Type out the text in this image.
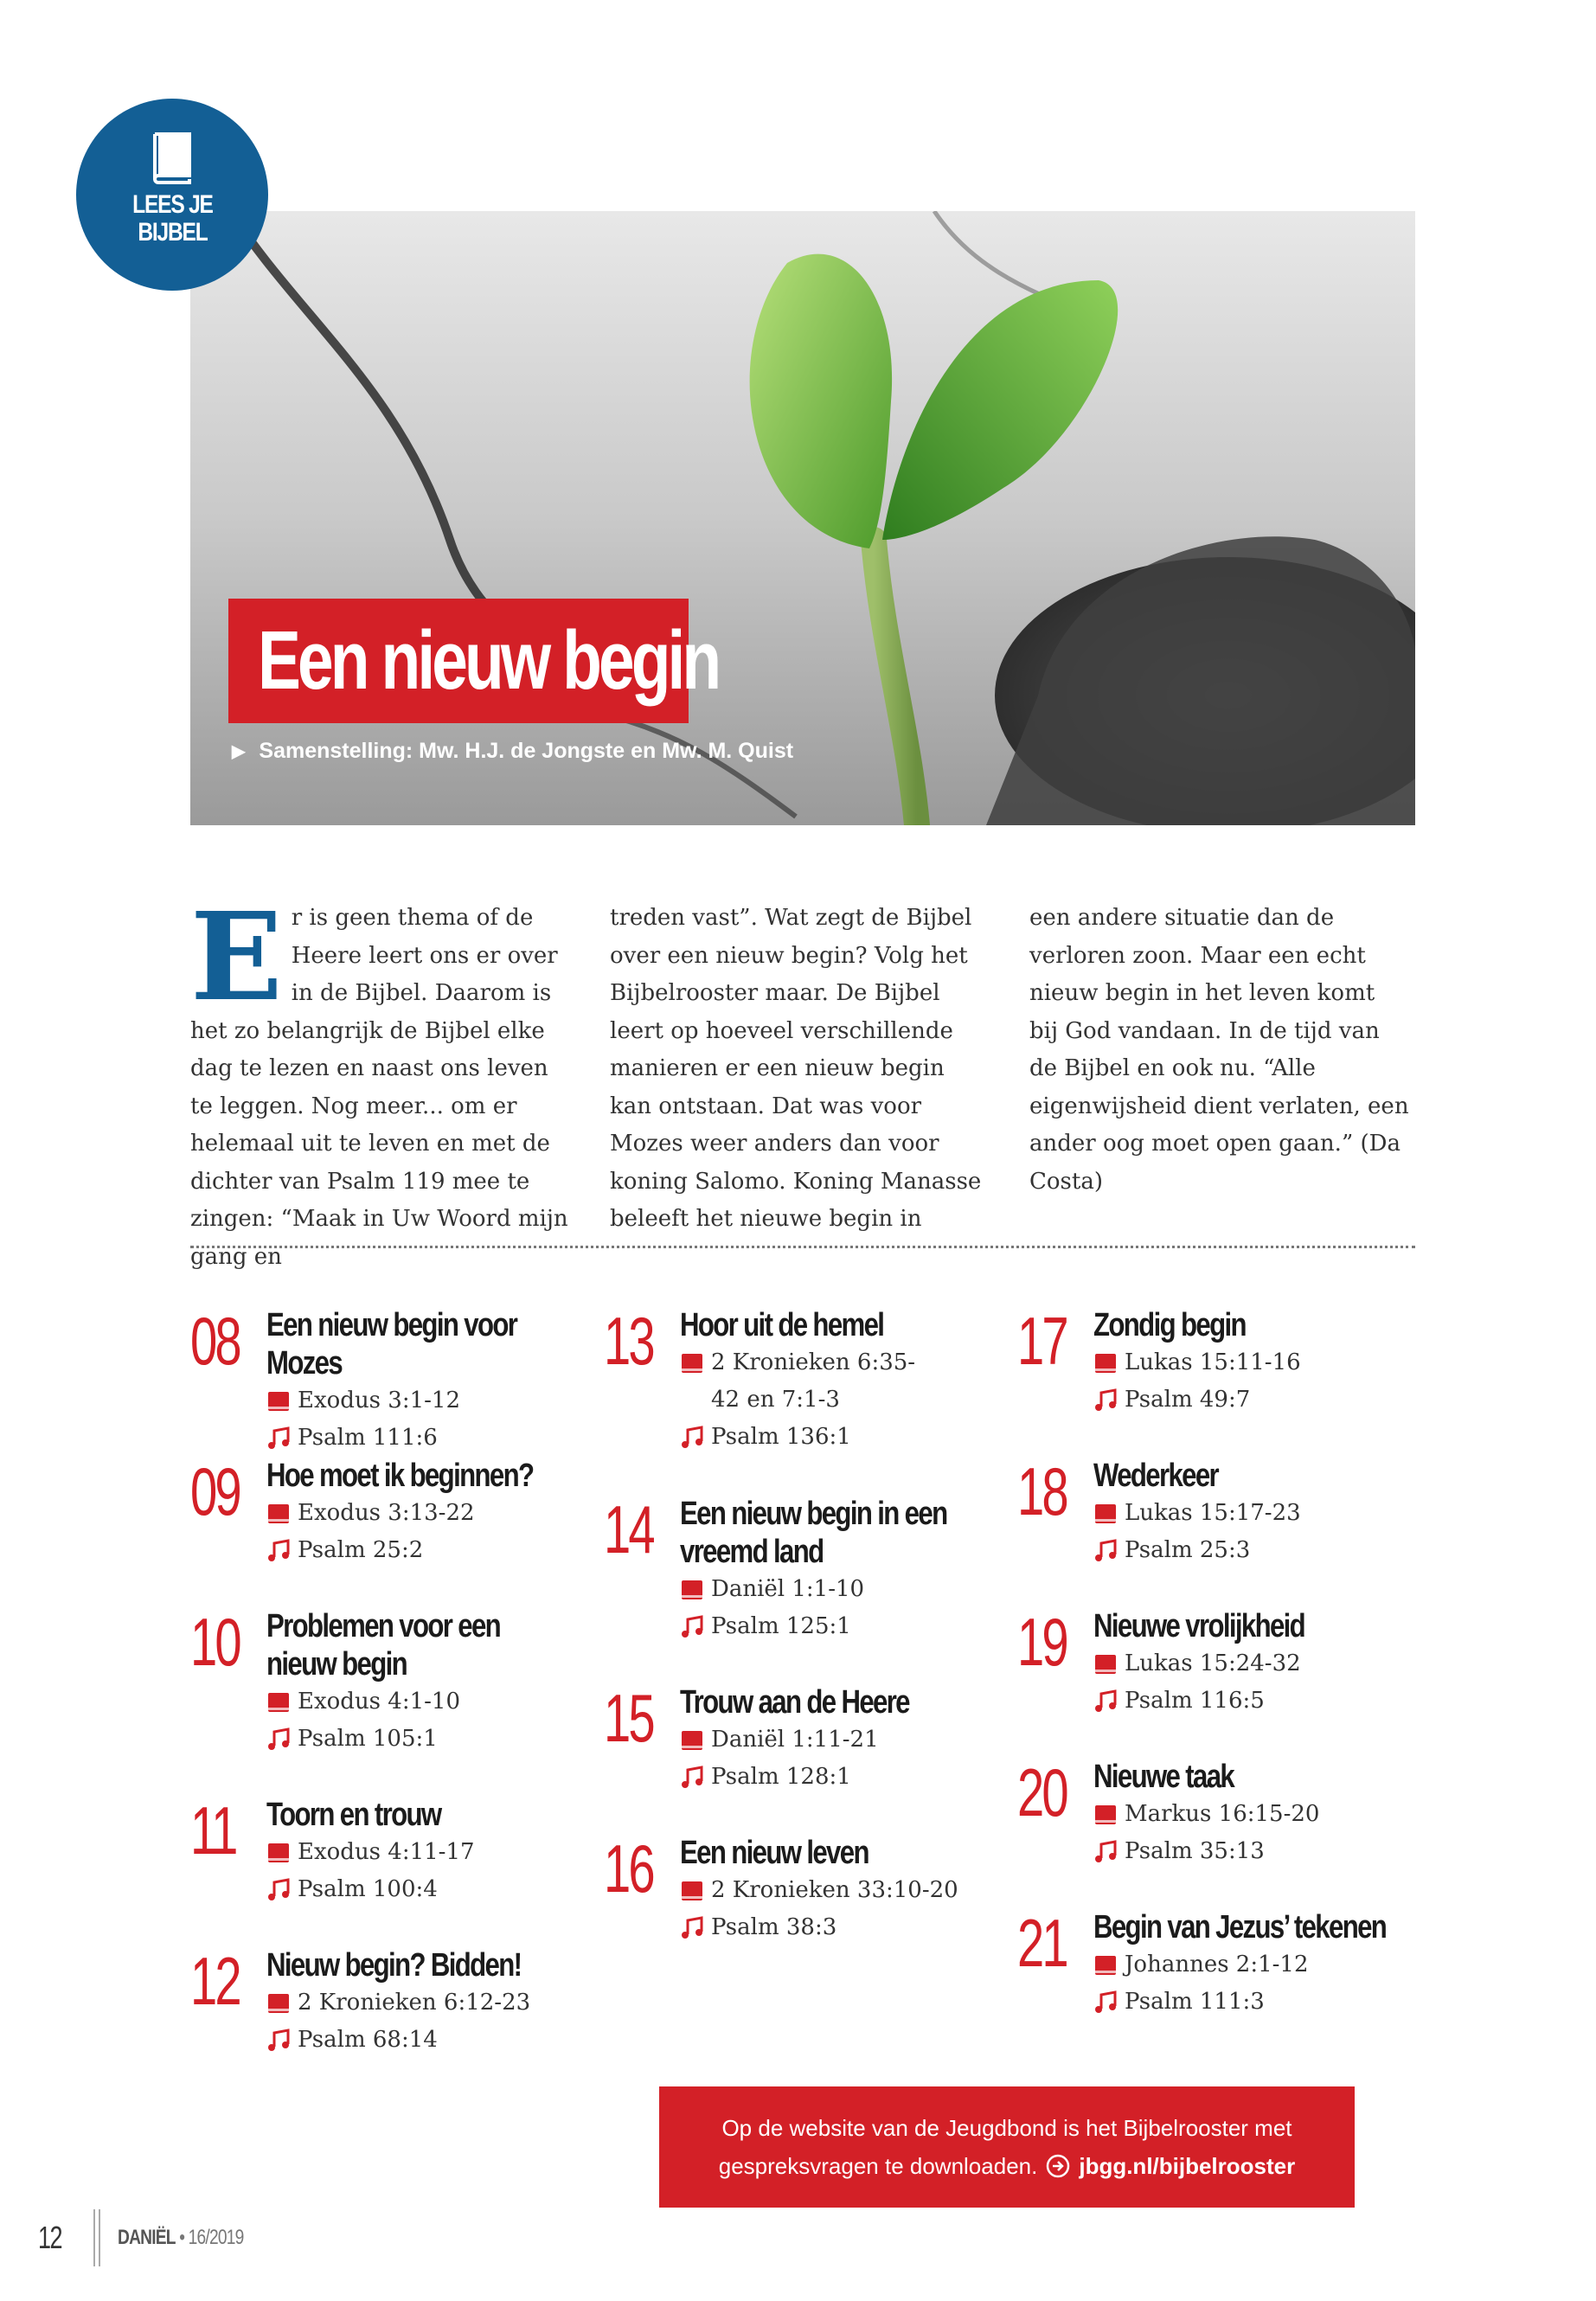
LEES JE
BIJBEL
Een nieuw begin
▶ Samenstelling: Mw. H.J. de Jongste en Mw. M. Quist
E r is geen thema of de Heere leert ons er over in de Bijbel. Daarom is het zo belangrijk de Bijbel elke dag te lezen en naast ons leven te leggen. Nog meer... om er helemaal uit te leven en met de dichter van Psalm 119 mee te zingen: “Maak in Uw Woord mijn gang en
treden vast”. Wat zegt de Bijbel over een nieuw begin? Volg het Bijbelrooster maar. De Bijbel leert op hoeveel verschillende manieren er een nieuw begin kan ontstaan. Dat was voor Mozes weer anders dan voor koning Salomo. Koning Manasse beleeft het nieuwe begin in
een andere situatie dan de verloren zoon. Maar een echt nieuw begin in het leven komt bij God vandaan. In de tijd van de Bijbel en ook nu. “Alle eigenwijsheid dient verlaten, een ander oog moet open gaan.” (Da Costa)
08 Een nieuw begin voor Mozes
Exodus 3:1-12
Psalm 111:6
09 Hoe moet ik beginnen?
Exodus 3:13-22
Psalm 25:2
10 Problemen voor een nieuw begin
Exodus 4:1-10
Psalm 105:1
11 Toorn en trouw
Exodus 4:11-17
Psalm 100:4
12 Nieuw begin? Bidden!
2 Kronieken 6:12-23
Psalm 68:14
13 Hoor uit de hemel
2 Kronieken 6:35-42 en 7:1-3
Psalm 136:1
14 Een nieuw begin in een vreemd land
Daniël 1:1-10
Psalm 125:1
15 Trouw aan de Heere
Daniël 1:11-21
Psalm 128:1
16 Een nieuw leven
2 Kronieken 33:10-20
Psalm 38:3
17 Zondig begin
Lukas 15:11-16
Psalm 49:7
18 Wederkeer
Lukas 15:17-23
Psalm 25:3
19 Nieuwe vrolijkheid
Lukas 15:24-32
Psalm 116:5
20 Nieuwe taak
Markus 16:15-20
Psalm 35:13
21 Begin van Jezus’ tekenen
Johannes 2:1-12
Psalm 111:3
Op de website van de Jeugdbond is het Bijbelrooster met
gespreksvragen te downloaden. jbgg.nl/bijbelrooster
12	DANIËL • 16/2019
